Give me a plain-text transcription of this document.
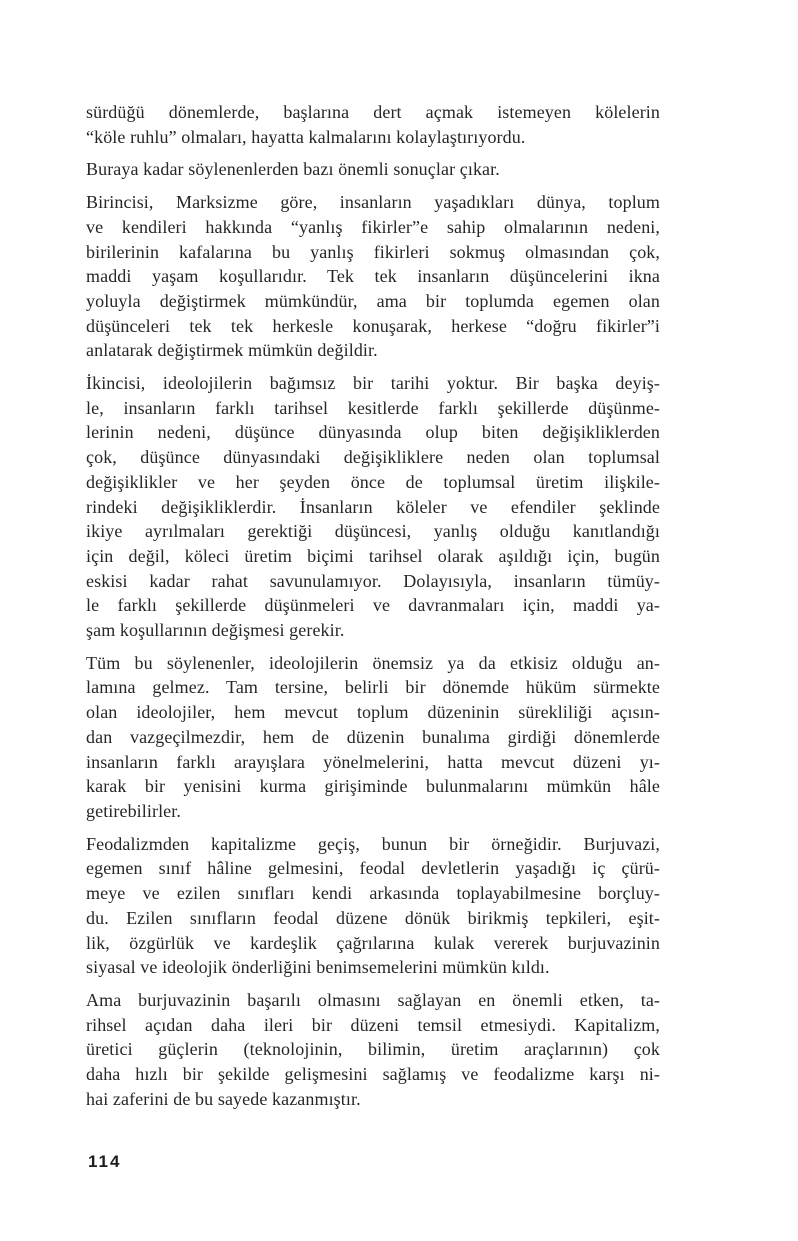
sürdüğü dönemlerde, başlarına dert açmak istemeyen kölelerin
“köle ruhlu” olmaları, hayatta kalmalarını kolaylaştırıyordu.

Buraya kadar söylenenlerden bazı önemli sonuçlar çıkar.

Birincisi, Marksizme göre, insanların yaşadıkları dünya, toplum
ve kendileri hakkında “yanlış fikirler”e sahip olmalarının nedeni,
birilerinin kafalarına bu yanlış fikirleri sokmuş olmasından çok,
maddi yaşam koşullarıdır. Tek tek insanların düşüncelerini ikna
yoluyla değiştirmek mümkündür, ama bir toplumda egemen olan
düşünceleri tek tek herkesle konuşarak, herkese “doğru fikirler”i
anlatarak değiştirmek mümkün değildir.

İkincisi, ideolojilerin bağımsız bir tarihi yoktur. Bir başka deyiş-
le, insanların farklı tarihsel kesitlerde farklı şekillerde düşünme-
lerinin nedeni, düşünce dünyasında olup biten değişikliklerden
çok, düşünce dünyasındaki değişikliklere neden olan toplumsal
değişiklikler ve her şeyden önce de toplumsal üretim ilişkile-
rindeki değişikliklerdir. İnsanların köleler ve efendiler şeklinde
ikiye ayrılmaları gerektiği düşüncesi, yanlış olduğu kanıtlandığı
için değil, köleci üretim biçimi tarihsel olarak aşıldığı için, bugün
eskisi kadar rahat savunulamıyor. Dolayısıyla, insanların tümüy-
le farklı şekillerde düşünmeleri ve davranmaları için, maddi ya-
şam koşullarının değişmesi gerekir.

Tüm bu söylenenler, ideolojilerin önemsiz ya da etkisiz olduğu an-
lamına gelmez. Tam tersine, belirli bir dönemde hüküm sürmekte
olan ideolojiler, hem mevcut toplum düzeninin sürekliliği açısın-
dan vazgeçilmezdir, hem de düzenin bunalıma girdiği dönemlerde
insanların farklı arayışlara yönelmelerini, hatta mevcut düzeni yı-
karak bir yenisini kurma girişiminde bulunmalarını mümkün hâle
getirebilirler.

Feodalizmden kapitalizme geçiş, bunun bir örneğidir. Burjuvazi,
egemen sınıf hâline gelmesini, feodal devletlerin yaşadığı iç çürü-
meye ve ezilen sınıfları kendi arkasında toplayabilmesine borçluy-
du. Ezilen sınıfların feodal düzene dönük birikmiş tepkileri, eşit-
lik, özgürlük ve kardeşlik çağrılarına kulak vererek burjuvazinin
siyasal ve ideolojik önderliğini benimsemelerini mümkün kıldı.

Ama burjuvazinin başarılı olmasını sağlayan en önemli etken, ta-
rihsel açıdan daha ileri bir düzeni temsil etmesiydi. Kapitalizm,
üretici güçlerin (teknolojinin, bilimin, üretim araçlarının) çok
daha hızlı bir şekilde gelişmesini sağlamış ve feodalizme karşı ni-
hai zaferini de bu sayede kazanmıştır.

114
